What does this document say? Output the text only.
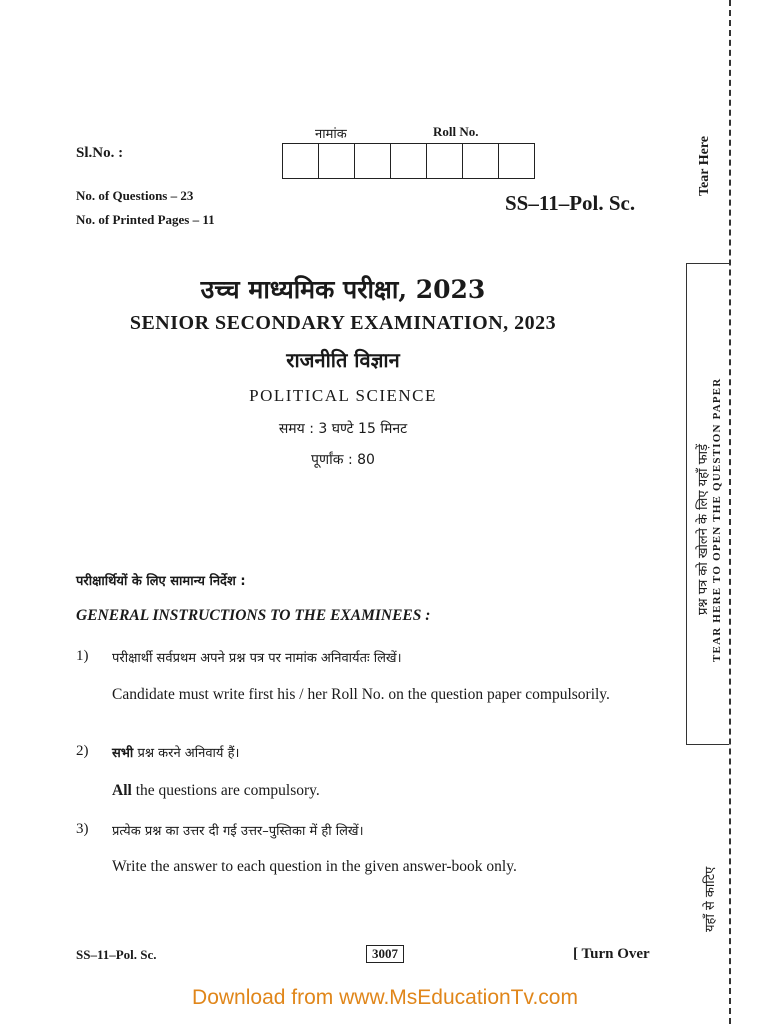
Tear Here
प्रश्न पत्र को खोलने के लिए यहाँ फाड़ें TEAR HERE TO OPEN THE QUESTION PAPER
यहाँ से काटिए
Sl.No. :
नामांक	Roll No.
No. of Questions – 23
No. of Printed Pages – 11
SS–11–Pol. Sc.
उच्च माध्यमिक परीक्षा, 2023
SENIOR SECONDARY EXAMINATION, 2023
राजनीति विज्ञान
POLITICAL SCIENCE
समय : 3 घण्टे 15 मिनट
पूर्णांक : 80
परीक्षार्थियों के लिए सामान्य निर्देश :
GENERAL INSTRUCTIONS TO THE EXAMINEES :
1) परीक्षार्थी सर्वप्रथम अपने प्रश्न पत्र पर नामांक अनिवार्यतः लिखें।
Candidate must write first his / her Roll No. on the question paper compulsorily.
2) सभी प्रश्न करने अनिवार्य हैं।
All the questions are compulsory.
3) प्रत्येक प्रश्न का उत्तर दी गई उत्तर–पुस्तिका में ही लिखें।
Write the answer to each question in the given answer-book only.
SS–11–Pol. Sc.	3007	[ Turn Over
Download from www.MsEducationTv.com
